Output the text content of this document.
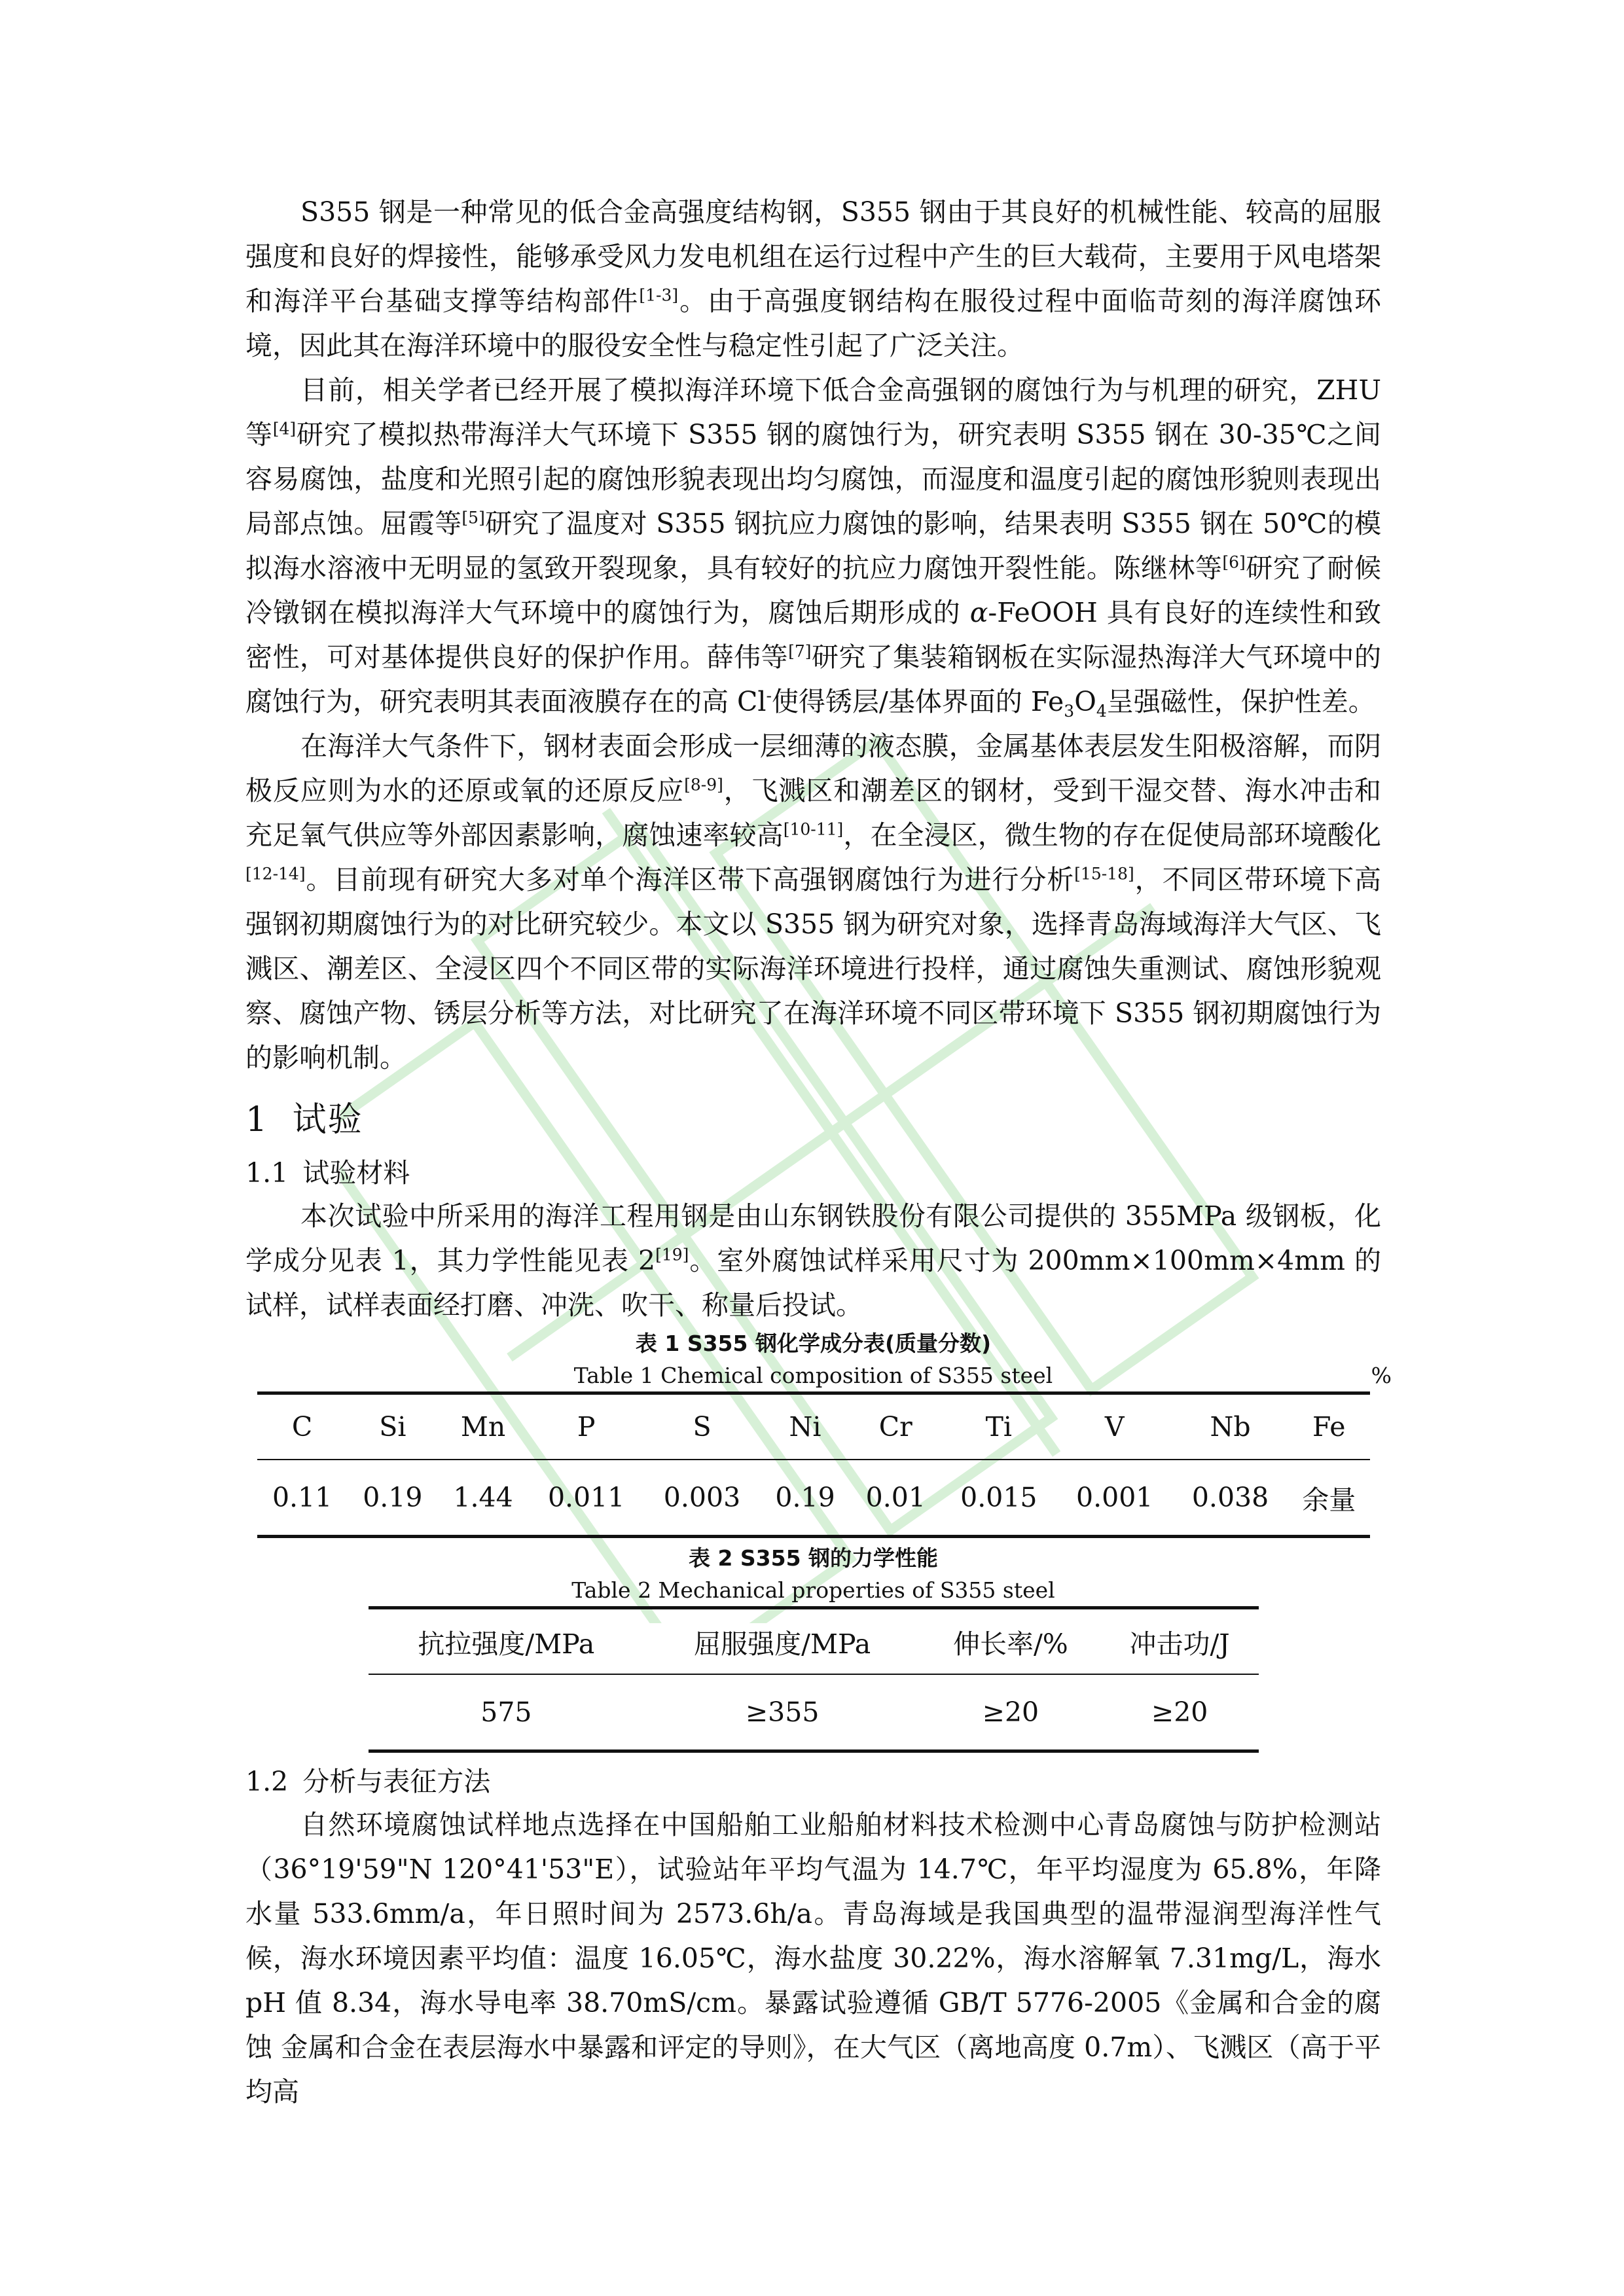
S355 钢是一种常见的低合金高强度结构钢，S355 钢由于其良好的机械性能、较高的屈服强度和良好的焊接性，能够承受风力发电机组在运行过程中产生的巨大载荷，主要用于风电塔架和海洋平台基础支撑等结构部件[1-3]。由于高强度钢结构在服役过程中面临苛刻的海洋腐蚀环境，因此其在海洋环境中的服役安全性与稳定性引起了广泛关注。

目前，相关学者已经开展了模拟海洋环境下低合金高强钢的腐蚀行为与机理的研究，ZHU 等[4]研究了模拟热带海洋大气环境下 S355 钢的腐蚀行为，研究表明 S355 钢在 30-35℃之间容易腐蚀，盐度和光照引起的腐蚀形貌表现出均匀腐蚀，而湿度和温度引起的腐蚀形貌则表现出局部点蚀。屈霞等[5]研究了温度对 S355 钢抗应力腐蚀的影响，结果表明 S355 钢在 50℃的模拟海水溶液中无明显的氢致开裂现象，具有较好的抗应力腐蚀开裂性能。陈继林等[6]研究了耐候冷镦钢在模拟海洋大气环境中的腐蚀行为，腐蚀后期形成的 α-FeOOH 具有良好的连续性和致密性，可对基体提供良好的保护作用。薛伟等[7]研究了集装箱钢板在实际湿热海洋大气环境中的腐蚀行为，研究表明其表面液膜存在的高 Cl-使得锈层/基体界面的 $Fe_3O_4$呈强磁性，保护性差。

在海洋大气条件下，钢材表面会形成一层细薄的液态膜，金属基体表层发生阳极溶解，而阴极反应则为水的还原或氧的还原反应[8-9]，飞溅区和潮差区的钢材，受到干湿交替、海水冲击和充足氧气供应等外部因素影响，腐蚀速率较高[10-11]，在全浸区，微生物的存在促使局部环境酸化[12-14]。目前现有研究大多对单个海洋区带下高强钢腐蚀行为进行分析[15-18]，不同区带环境下高强钢初期腐蚀行为的对比研究较少。本文以 S355 钢为研究对象，选择青岛海域海洋大气区、飞溅区、潮差区、全浸区四个不同区带的实际海洋环境进行投样，通过腐蚀失重测试、腐蚀形貌观察、腐蚀产物、锈层分析等方法，对比研究了在海洋环境不同区带环境下 S355 钢初期腐蚀行为的影响机制。

1 试验
1.1 试验材料

本次试验中所采用的海洋工程用钢是由山东钢铁股份有限公司提供的 355MPa 级钢板，化学成分见表 1，其力学性能见表 2[19]。室外腐蚀试样采用尺寸为 200mm×100mm×4mm 的试样，试样表面经打磨、冲洗、吹干、称量后投试。

表 1 S355 钢化学成分表(质量分数)
Table 1 Chemical composition of S355 steel	%
C	Si	Mn	P	S	Ni	Cr	Ti	V	Nb	Fe
0.11	0.19	1.44	0.011	0.003	0.19	0.01	0.015	0.001	0.038	余量
表 2 S355 钢的力学性能
Table 2 Mechanical properties of S355 steel
抗拉强度/MPa	屈服强度/MPa	伸长率/%	冲击功/J
575	≥355	≥20	≥20
1.2 分析与表征方法

自然环境腐蚀试样地点选择在中国船舶工业船舶材料技术检测中心青岛腐蚀与防护检测站（36°19'59"N 120°41'53"E），试验站年平均气温为 14.7℃，年平均湿度为 65.8%，年降水量 533.6mm/a，年日照时间为 2573.6h/a。青岛海域是我国典型的温带湿润型海洋性气候，海水环境因素平均值：温度 16.05℃，海水盐度 30.22%，海水溶解氧 7.31mg/L，海水 pH 值 8.34，海水导电率 38.70mS/cm。暴露试验遵循 GB/T 5776-2005《金属和合金的腐蚀 金属和合金在表层海水中暴露和评定的导则》，在大气区（离地高度 0.7m）、飞溅区（高于平均高
